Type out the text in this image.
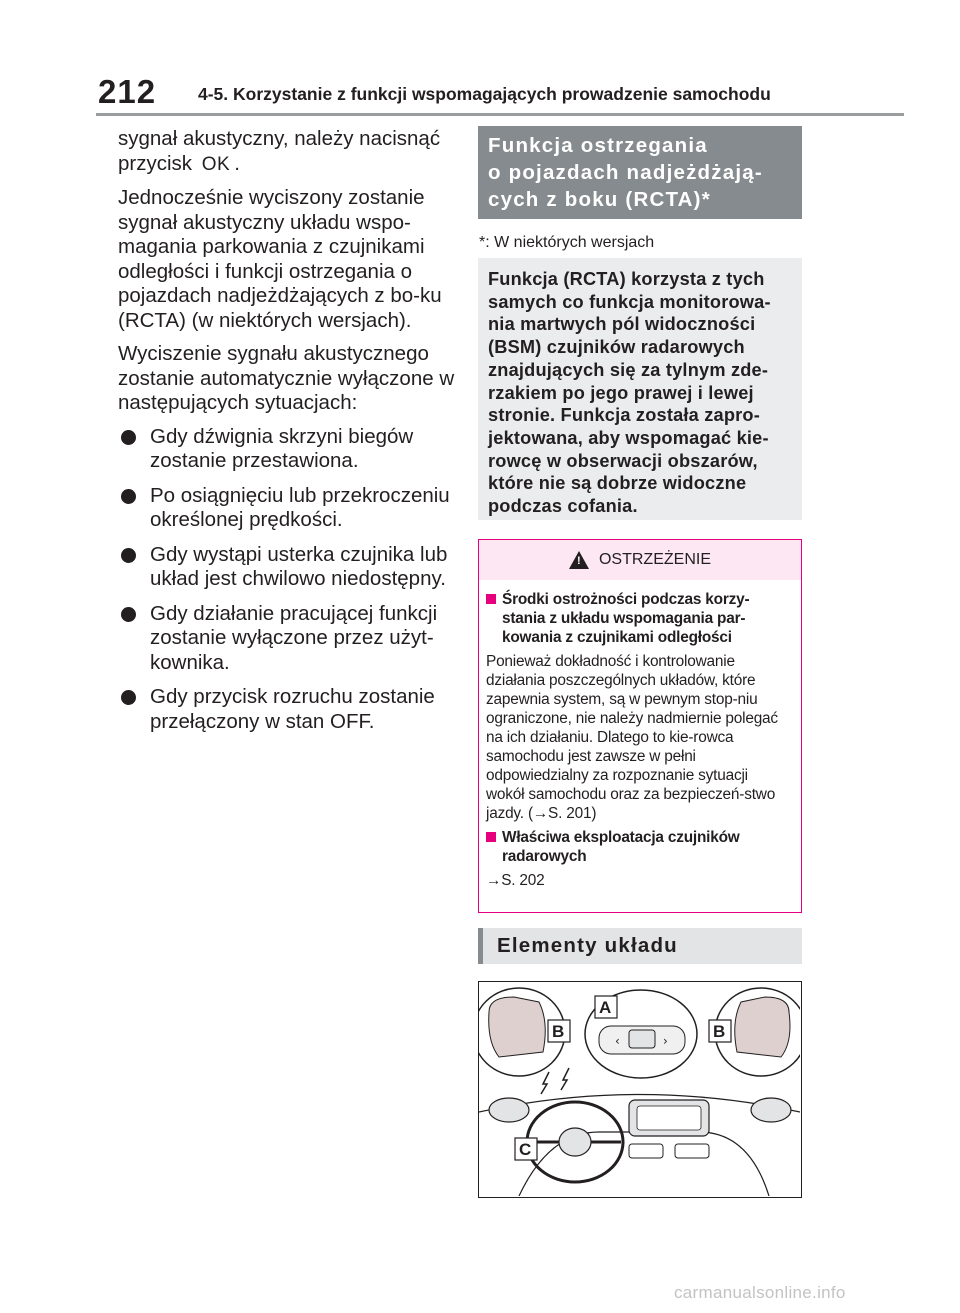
212 4-5. Korzystanie z funkcji wspomagających prowadzenie samochodu

sygnał akustyczny, należy nacisnąć przycisk OK .

Jednocześnie wyciszony zostanie sygnał akustyczny układu wspo-magania parkowania z czujnikami odległości i funkcji ostrzegania o pojazdach nadjeżdżających z bo-ku (RCTA) (w niektórych wersjach).

Wyciszenie sygnału akustycznego zostanie automatycznie wyłączone w następujących sytuacjach:

Gdy dźwignia skrzyni biegów zostanie przestawiona.
Po osiągnięciu lub przekroczeniu określonej prędkości.
Gdy wystąpi usterka czujnika lub układ jest chwilowo niedostępny.
Gdy działanie pracującej funkcji zostanie wyłączone przez użyt-kownika.
Gdy przycisk rozruchu zostanie przełączony w stan OFF.
Funkcja ostrzegania
o pojazdach nadjeżdżają-
cych z boku (RCTA)*
*: W niektórych wersjach
Funkcja (RCTA) korzysta z tych samych co funkcja monitorowa-nia martwych pól widoczności (BSM) czujników radarowych znajdujących się za tylnym zde-rzakiem po jego prawej i lewej stronie. Funkcja została zapro-jektowana, aby wspomagać kie-rowcę w obserwacji obszarów, które nie są dobrze widoczne podczas cofania.
! OSTRZEŻENIE
Środki ostrożności podczas korzy-stania z układu wspomagania par-kowania z czujnikami odległości

Ponieważ dokładność i kontrolowanie działania poszczególnych układów, które zapewnia system, są w pewnym stop-niu ograniczone, nie należy nadmiernie polegać na ich działaniu. Dlatego to kie-rowca samochodu jest zawsze w pełni odpowiedzialny za rozpoznanie sytuacji wokół samochodu oraz za bezpieczeń-stwo jazdy. (→S. 201)

Właściwa eksploatacja czujników radarowych

→S. 202

Elementy układu
‹	›
A
B	B
C
carmanualsonline.info
